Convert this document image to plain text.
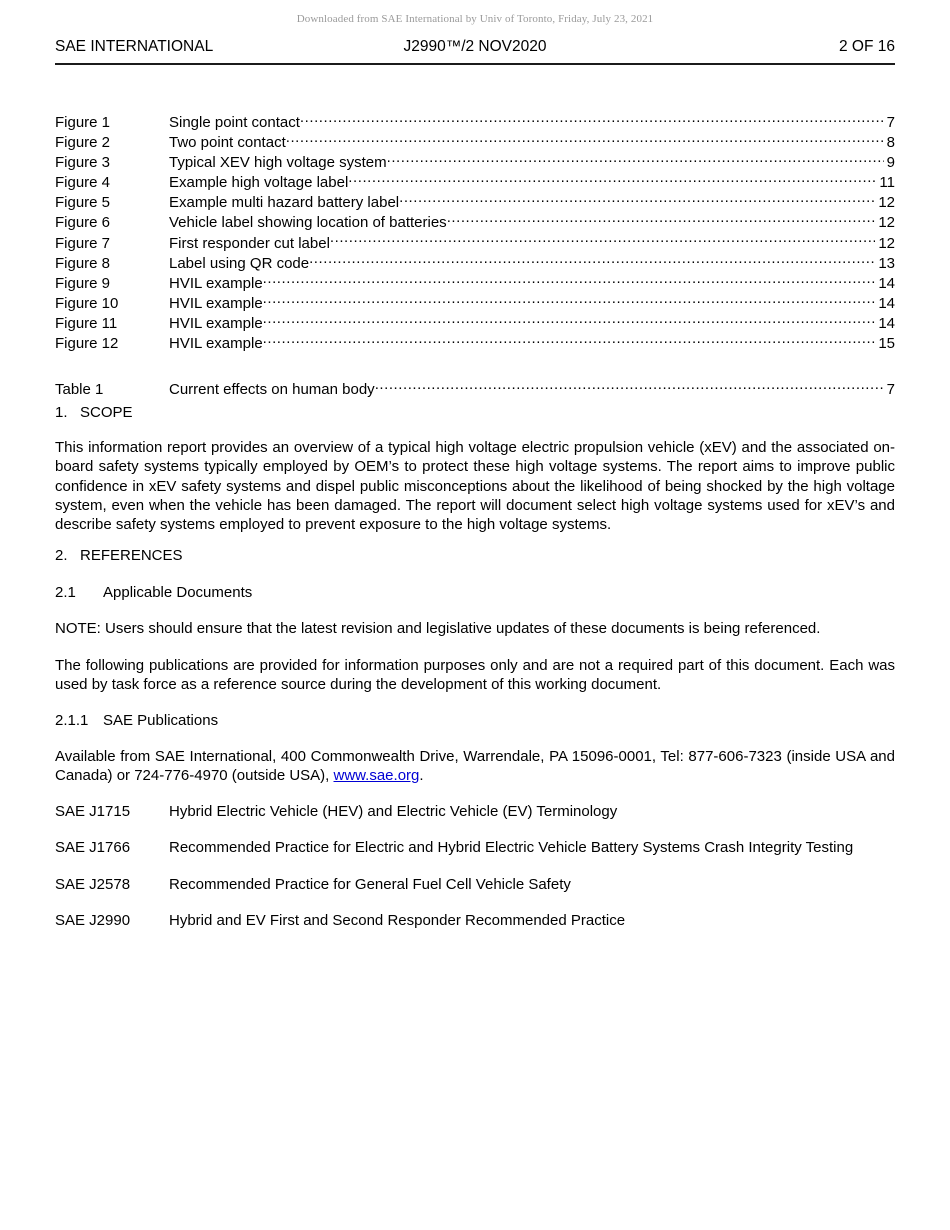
Downloaded from SAE International by Univ of Toronto, Friday, July 23, 2021
SAE INTERNATIONAL	J2990™/2 NOV2020	2 OF 16
Figure 1	Single point contact .....	7
Figure 2	Two point contact .....	8
Figure 3	Typical XEV high voltage system .....	9
Figure 4	Example high voltage label .....	11
Figure 5	Example multi hazard battery label .....	12
Figure 6	Vehicle label showing location of batteries .....	12
Figure 7	First responder cut label .....	12
Figure 8	Label using QR code .....	13
Figure 9	HVIL example .....	14
Figure 10	HVIL example .....	14
Figure 11	HVIL example .....	14
Figure 12	HVIL example .....	15
Table 1	Current effects on human body .....	7
1. SCOPE
This information report provides an overview of a typical high voltage electric propulsion vehicle (xEV) and the associated on-board safety systems typically employed by OEM’s to protect these high voltage systems. The report aims to improve public confidence in xEV safety systems and dispel public misconceptions about the likelihood of being shocked by the high voltage system, even when the vehicle has been damaged. The report will document select high voltage systems used for xEV’s and describe safety systems employed to prevent exposure to the high voltage systems.
2. REFERENCES
2.1 Applicable Documents
NOTE: Users should ensure that the latest revision and legislative updates of these documents is being referenced.
The following publications are provided for information purposes only and are not a required part of this document. Each was used by task force as a reference source during the development of this working document.
2.1.1 SAE Publications
Available from SAE International, 400 Commonwealth Drive, Warrendale, PA 15096-0001, Tel: 877-606-7323 (inside USA and Canada) or 724-776-4970 (outside USA), www.sae.org.
SAE J1715	Hybrid Electric Vehicle (HEV) and Electric Vehicle (EV) Terminology
SAE J1766	Recommended Practice for Electric and Hybrid Electric Vehicle Battery Systems Crash Integrity Testing
SAE J2578	Recommended Practice for General Fuel Cell Vehicle Safety
SAE J2990	Hybrid and EV First and Second Responder Recommended Practice
